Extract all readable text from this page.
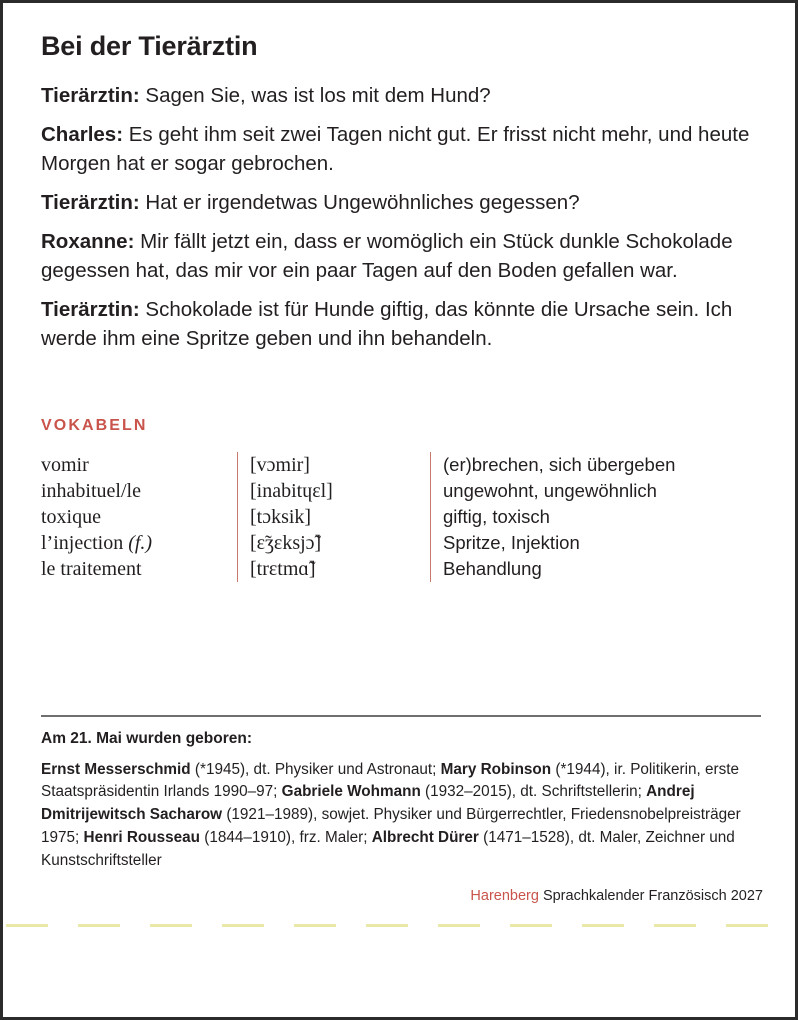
Bei der Tierärztin
Tierärztin: Sagen Sie, was ist los mit dem Hund?
Charles: Es geht ihm seit zwei Tagen nicht gut. Er frisst nicht mehr, und heute Morgen hat er sogar gebrochen.
Tierärztin: Hat er irgendetwas Ungewöhnliches gegessen?
Roxanne: Mir fällt jetzt ein, dass er womöglich ein Stück dunkle Schokolade gegessen hat, das mir vor ein paar Tagen auf den Boden gefallen war.
Tierärztin: Schokolade ist für Hunde giftig, das könnte die Ursache sein. Ich werde ihm eine Spritze geben und ihn behandeln.
VOKABELN
vomir	[vɔmir]	(er)brechen, sich übergeben
inhabituel/le	[inabitɥɛl]	ungewohnt, ungewöhnlich
toxique	[tɔksik]	giftig, toxisch
l’injection (f.)	[ɛ̃ʒɛksjɔ̃]	Spritze, Injektion
le traitement	[trɛtmɑ̃]	Behandlung
Am 21. Mai wurden geboren:
Ernst Messerschmid (*1945), dt. Physiker und Astronaut; Mary Robinson (*1944), ir. Politikerin, erste Staatspräsidentin Irlands 1990–97; Gabriele Wohmann (1932–2015), dt. Schriftstellerin; Andrej Dmitrijewitsch Sacharow (1921–1989), sowjet. Physiker und Bürgerrechtler, Friedensnobelpreisträger 1975; Henri Rousseau (1844–1910), frz. Maler; Albrecht Dürer (1471–1528), dt. Maler, Zeichner und Kunstschriftsteller
Harenberg Sprachkalender Französisch 2027
